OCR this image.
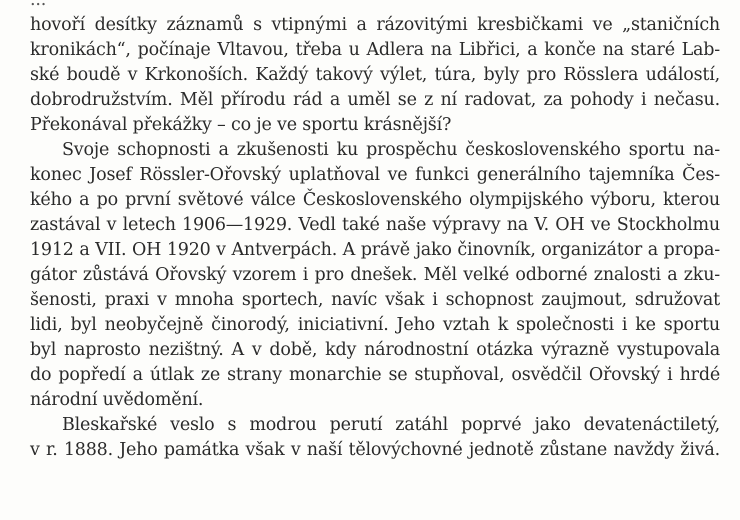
...
hovoří desítky záznamů s vtipnými a rázovitými kresbičkami ve „staničních
kronikách“, počínaje Vltavou, třeba u Adlera na Libřici, a konče na staré Lab-
ské boudě v Krkonoších. Každý takový výlet, túra, byly pro Rösslera událostí,
dobrodružstvím. Měl přírodu rád a uměl se z ní radovat, za pohody i nečasu.
Překonával překážky – co je ve sportu krásnější?
Svoje schopnosti a zkušenosti ku prospěchu československého sportu na-
konec Josef Rössler-Ořovský uplatňoval ve funkci generálního tajemníka Čes-
kého a po první světové válce Československého olympijského výboru, kterou
zastával v letech 1906—1929. Vedl také naše výpravy na V. OH ve Stockholmu
1912 a VII. OH 1920 v Antverpách. A právě jako činovník, organizátor a propa-
gátor zůstává Ořovský vzorem i pro dnešek. Měl velké odborné znalosti a zku-
šenosti, praxi v mnoha sportech, navíc však i schopnost zaujmout, sdružovat
lidi, byl neobyčejně činorodý, iniciativní. Jeho vztah k společnosti i ke sportu
byl naprosto nezištný. A v době, kdy národnostní otázka výrazně vystupovala
do popředí a útlak ze strany monarchie se stupňoval, osvědčil Ořovský i hrdé
národní uvědomění.
Bleskařské veslo s modrou perutí zatáhl poprvé jako devatenáctiletý,
v r. 1888. Jeho památka však v naší tělovýchovné jednotě zůstane navždy živá.
